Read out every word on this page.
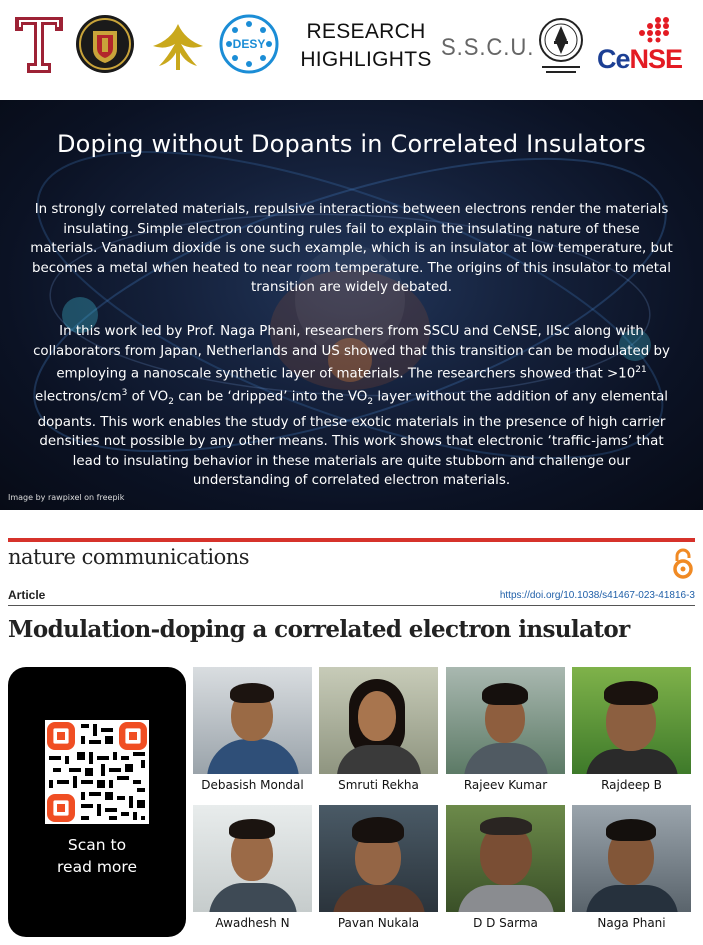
DESY
RESEARCH
HIGHLIGHTS S.S.C.U. CeNSE
Doping without Dopants in Correlated Insulators
In strongly correlated materials, repulsive interactions between electrons render the materials insulating. Simple electron counting rules fail to explain the insulating nature of these materials. Vanadium dioxide is one such example, which is an insulator at low temperature, but becomes a metal when heated to near room temperature. The origins of this insulator to metal transition are widely debated.
In this work led by Prof. Naga Phani, researchers from SSCU and CeNSE, IISc along with collaborators from Japan, Netherlands and US showed that this transition can be modulated by employing a nanoscale synthetic layer of materials. The researchers showed that $>10^{21}$ electrons/$cm^3$ of $VO_2$ can be ‘dripped’ into the $VO_2$ layer without the addition of any elemental dopants. This work enables the study of these exotic materials in the presence of high carrier densities not possible by any other means. This work shows that electronic ‘traffic-jams’ that lead to insulating behavior in these materials are quite stubborn and challenge our understanding of correlated electron materials.
Image by rawpixel on freepik
nature communications
Article	https://doi.org/10.1038/s41467-023-41816-3
Modulation-doping a correlated electron insulator
Scan to
read more
Debasish Mondal	Smruti Rekha	Rajeev Kumar	Rajdeep B
Awadhesh N	Pavan Nukala	D D Sarma	Naga Phani
